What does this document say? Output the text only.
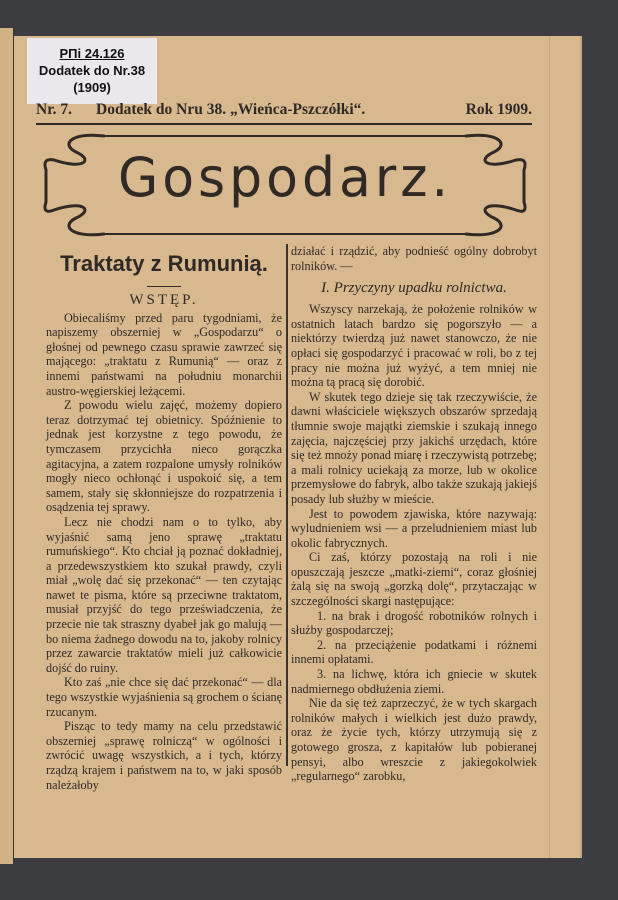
PПi 24.126
Dodatek do Nr.38
(1909)
Nr. 7. Dodatek do Nru 38. „Wieńca-Pszczółki“.	Rok 1909.
Gospodarz.
Traktaty z Rumunią.
WSTĘP.

Obiecaliśmy przed paru tygodniami, że napiszemy obszerniej w „Gospodarzu“ o głośnej od pewnego czasu sprawie zawrzeć się mającego: „traktatu z Rumunią“ — oraz z innemi państwami na południu monarchii austro-węgierskiej leżącemi.

Z powodu wielu zajęć, możemy dopiero teraz dotrzymać tej obietnicy. Spóźnienie to jednak jest korzystne z tego powodu, że tymczasem przycichła nieco gorączka agitacyjna, a zatem rozpalone umysły rolników mogły nieco ochłonąć i uspokoić się, a tem samem, stały się skłonniejsze do rozpatrzenia i osądzenia tej sprawy.

Lecz nie chodzi nam o to tylko, aby wyjaśnić samą jeno sprawę „traktatu rumuńskiego“. Kto chciał ją poznać dokładniej, a przedewszystkiem kto szukał prawdy, czyli miał „wolę dać się przekonać“ — ten czytając nawet te pisma, które są przeciwne traktatom, musiał przyjść do tego przeświadczenia, że przecie nie tak straszny dyabeł jak go malują — bo niema żadnego dowodu na to, jakoby rolnicy przez zawarcie traktatów mieli już całkowicie dojść do ruiny.

Kto zaś „nie chce się dać przekonać“ — dla tego wszystkie wyjaśnienia są grochem o ścianę rzucanym.

Pisząc to tedy mamy na celu przedstawić obszerniej „sprawę rolniczą“ w ogólności i zwrócić uwagę wszystkich, a i tych, którzy rządzą krajem i państwem na to, w jaki sposób należałoby

działać i rządzić, aby podnieść ogólny dobrobyt rolników. —

I. Przyczyny upadku rolnictwa.

Wszyscy narzekają, że położenie rolników w ostatnich latach bardzo się pogorszyło — a niektórzy twierdzą już nawet stanowczo, że nie opłaci się gospodarzyć i pracować w roli, bo z tej pracy nie można już wyżyć, a tem mniej nie można tą pracą się dorobić.

W skutek tego dzieje się tak rzeczywiście, że dawni właściciele większych obszarów sprzedają tłumnie swoje majątki ziemskie i szukają innego zajęcia, najczęściej przy jakichś urzędach, które się też mnoży ponad miarę i rzeczywistą potrzebę; a mali rolnicy uciekają za morze, lub w okolice przemysłowe do fabryk, albo także szukają jakiejś posady lub służby w mieście.

Jest to powodem zjawiska, które nazywają: wyludnieniem wsi — a przeludnieniem miast lub okolic fabrycznych.

Ci zaś, którzy pozostają na roli i nie opuszczają jeszcze „matki-ziemi“, coraz głośniej żalą się na swoją „gorzką dolę“, przytaczając w szczególności skargi następujące:

1. na brak i drogość robotników rolnych i służby gospodarczej;

2. na przeciążenie podatkami i różnemi innemi opłatami.

3. na lichwę, która ich gniecie w skutek nadmiernego obdłużenia ziemi.

Nie da się też zaprzeczyć, że w tych skargach rolników małych i wielkich jest dużo prawdy, oraz że życie tych, którzy utrzymują się z gotowego grosza, z kapitałów lub pobieranej pensyi, albo wreszcie z jakiegokolwiek „regularnego“ zarobku,
